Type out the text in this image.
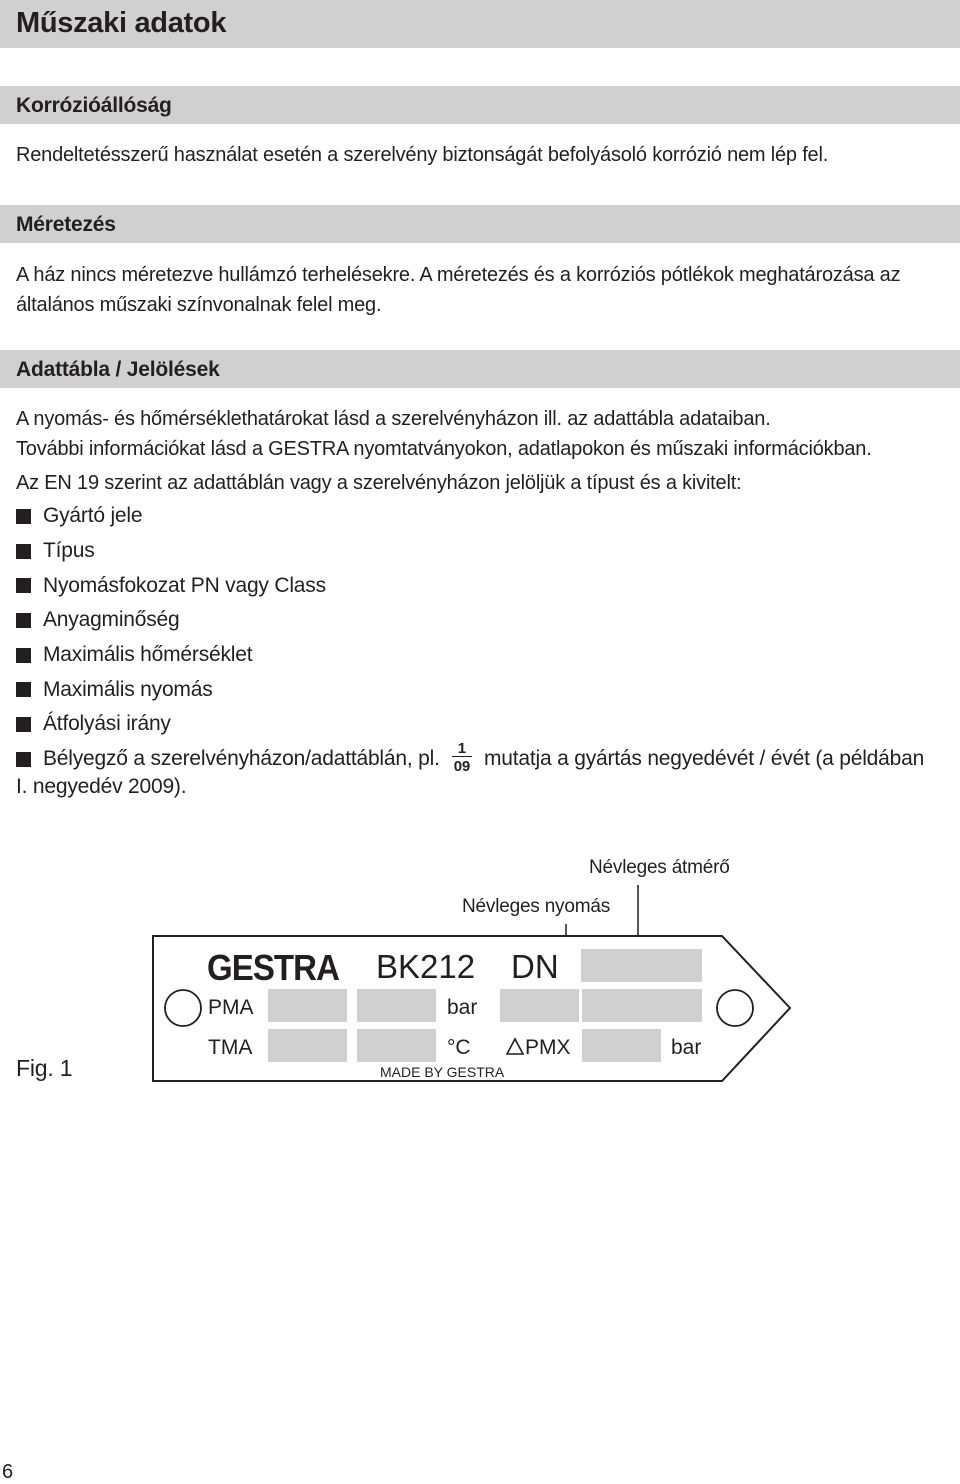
Műszaki adatok
Korrózióállóság

Rendeltetésszerű használat esetén a szerelvény biztonságát befolyásoló korrózió nem lép fel.

Méretezés

A ház nincs méretezve hullámzó terhelésekre. A méretezés és a korróziós pótlékok meghatározása az

általános műszaki színvonalnak felel meg.

Adattábla / Jelölések

A nyomás- és hőmérséklethatárokat lásd a szerelvényházon ill. az adattábla adataiban.

További információkat lásd a GESTRA nyomtatványokon, adatlapokon és műszaki információkban.

Az EN 19 szerint az adattáblán vagy a szerelvényházon jelöljük a típust és a kivitelt:

Gyártó jele
Típus
Nyomásfokozat PN vagy Class
Anyagminőség
Maximális hőmérséklet
Maximális nyomás
Átfolyási irány
Bélyegző a szerelvényházon/adattáblán, pl. $\frac{1}{09}$ mutatja a gyártás negyedévét / évét (a példában

I. negyedév 2009).

Névleges átmérő
Névleges nyomás
GESTRA BK212 DN
PMA	bar
TMA	°C	PMX	bar
MADE BY GESTRA

Fig. 1

6
